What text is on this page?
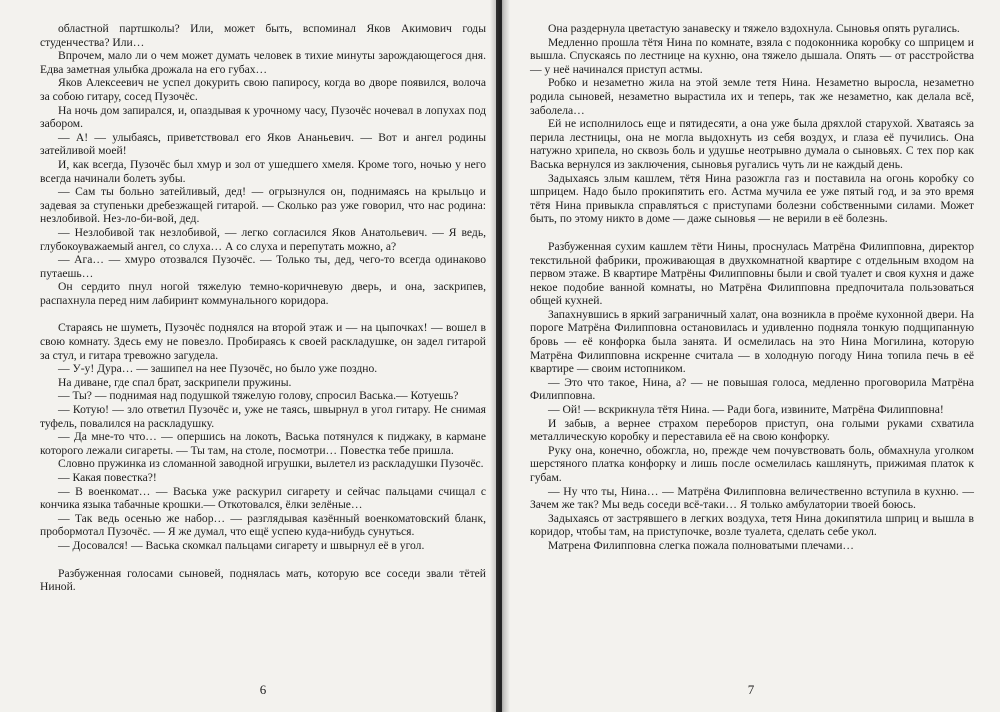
областной партшколы? Или, может быть, вспоминал Яков Акимович годы студенчества? Или…

Впрочем, мало ли о чем может думать человек в тихие минуты зарождающегося дня. Едва заметная улыбка дрожала на его губах…

Яков Алексеевич не успел докурить свою папиросу, когда во дворе появился, волоча за собою гитару, сосед Пузочёс.

На ночь дом запирался, и, опаздывая к урочному часу, Пузочёс ночевал в лопухах под забором.

— А! — улыбаясь, приветствовал его Яков Ананьевич. — Вот и ангел родины затейливой моей!

И, как всегда, Пузочёс был хмур и зол от ушедшего хмеля. Кроме того, ночью у него всегда начинали болеть зубы.

— Сам ты больно затейливый, дед! — огрызнулся он, поднимаясь на крыльцо и задевая за ступеньки дребезжащей гитарой. — Сколько раз уже говорил, что нас родина: незлобивой. Нез-ло-би-вой, дед.

— Незлобивой так незлобивой, — легко согласился Яков Анатольевич. — Я ведь, глубокоуважаемый ангел, со слуха… А со слуха и перепутать можно, а?

— Ага… — хмуро отозвался Пузочёс. — Только ты, дед, чего-то всегда одинаково путаешь…

Он сердито пнул ногой тяжелую темно-коричневую дверь, и она, заскрипев, распахнула перед ним лабиринт коммунального коридора.

Стараясь не шуметь, Пузочёс поднялся на второй этаж и — на цыпочках! — вошел в свою комнату. Здесь ему не повезло. Пробираясь к своей раскладушке, он задел гитарой за стул, и гитара тревожно загудела.

— У-у! Дура… — зашипел на нее Пузочёс, но было уже поздно.

На диване, где спал брат, заскрипели пружины.

— Ты? — поднимая над подушкой тяжелую голову, спросил Васька.— Котуешь?

— Котую! — зло ответил Пузочёс и, уже не таясь, швырнул в угол гитару. Не снимая туфель, повалился на раскладушку.

— Да мне-то что… — опершись на локоть, Васька потянулся к пиджаку, в кармане которого лежали сигареты. — Ты там, на столе, посмотри… Повестка тебе пришла.

Словно пружинка из сломанной заводной игрушки, вылетел из раскладушки Пузочёс.

— Какая повестка?!

— В военкомат… — Васька уже раскурил сигарету и сейчас пальцами счищал с кончика языка табачные крошки.— Откотовался, ёлки зелёные…

— Так ведь осенью же набор… — разглядывая казённый военкоматовский бланк, пробормотал Пузочёс. — Я же думал, что ещё успею куда-нибудь сунуться.

— Досовался! — Васька скомкал пальцами сигарету и швырнул её в угол.

Разбуженная голосами сыновей, поднялась мать, которую все соседи звали тётей Ниной.

6

Она раздернула цветастую занавеску и тяжело вздохнула. Сыновья опять ругались.

Медленно прошла тётя Нина по комнате, взяла с подоконника коробку со шприцем и вышла. Спускаясь по лестнице на кухню, она тяжело дышала. Опять — от расстройства — у неё начинался приступ астмы.

Робко и незаметно жила на этой земле тетя Нина. Незаметно выросла, незаметно родила сыновей, незаметно вырастила их и теперь, так же незаметно, как делала всё, заболела…

Ей не исполнилось еще и пятидесяти, а она уже была дряхлой старухой. Хватаясь за перила лестницы, она не могла выдохнуть из себя воздух, и глаза её пучились. Она натужно хрипела, но сквозь боль и удушье неотрывно думала о сыновьях. С тех пор как Васька вернулся из заключения, сыновья ругались чуть ли не каждый день.

Задыхаясь злым кашлем, тётя Нина разожгла газ и поставила на огонь коробку со шприцем. Надо было прокипятить его. Астма мучила ее уже пятый год, и за это время тётя Нина привыкла справляться с приступами болезни собственными силами. Может быть, по этому никто в доме — даже сыновья — не верили в её болезнь.

Разбуженная сухим кашлем тёти Нины, проснулась Матрёна Филипповна, директор текстильной фабрики, проживающая в двухкомнатной квартире с отдельным входом на первом этаже. В квартире Матрёны Филипповны были и свой туалет и своя кухня и даже некое подобие ванной комнаты, но Матрёна Филипповна предпочитала пользоваться общей кухней.

Запахнувшись в яркий заграничный халат, она возникла в проёме кухонной двери. На пороге Матрёна Филипповна остановилась и удивленно подняла тонкую подщипанную бровь — её конфорка была занята. И осмелилась на это Нина Могилина, которую Матрёна Филипповна искренне считала — в холодную погоду Нина топила печь в её квартире — своим истопником.

— Это что такое, Нина, а? — не повышая голоса, медленно проговорила Матрёна Филипповна.

— Ой! — вскрикнула тётя Нина. — Ради бога, извините, Матрёна Филипповна!

И забыв, а вернее страхом переборов приступ, она голыми руками схватила металлическую коробку и переставила её на свою конфорку.

Руку она, конечно, обожгла, но, прежде чем почувствовать боль, обмахнула уголком шерстяного платка конфорку и лишь после осмелилась кашлянуть, прижимая платок к губам.

— Ну что ты, Нина… — Матрёна Филипповна величественно вступила в кухню. — Зачем же так? Мы ведь соседи всё-таки… Я только амбулатории твоей боюсь.

Задыхаясь от застрявшего в легких воздуха, тетя Нина докипятила шприц и вышла в коридор, чтобы там, на приступочке, возле туалета, сделать себе укол.

Матрена Филипповна слегка пожала полноватыми плечами…

7
